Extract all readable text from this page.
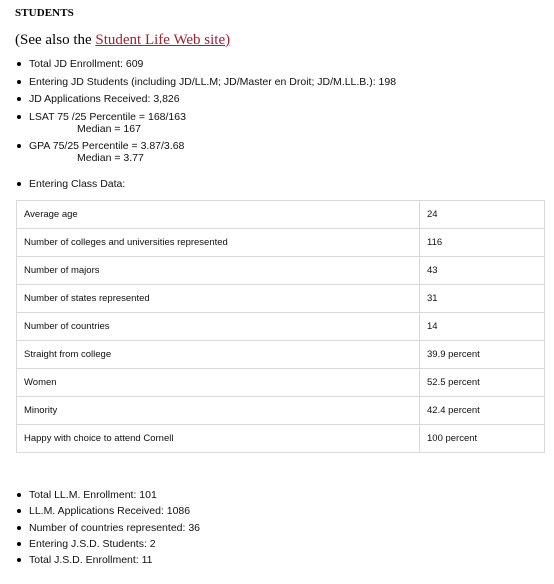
STUDENTS
(See also the Student Life Web site)
Total JD Enrollment: 609
Entering JD Students (including JD/LL.M; JD/Master en Droit; JD/M.LL.B.): 198
JD Applications Received: 3,826
LSAT 75 /25 Percentile = 168/163
Median = 167
GPA 75/25 Percentile = 3.87/3.68
Median = 3.77
Entering Class Data:
Average age	24
Number of colleges and universities represented	116
Number of majors	43
Number of states represented	31
Number of countries	14
Straight from college	39.9 percent
Women	52.5 percent
Minority	42.4 percent
Happy with choice to attend Cornell	100 percent
Total LL.M. Enrollment: 101
LL.M. Applications Received: 1086
Number of countries represented: 36
Entering J.S.D. Students: 2
Total J.S.D. Enrollment: 11
